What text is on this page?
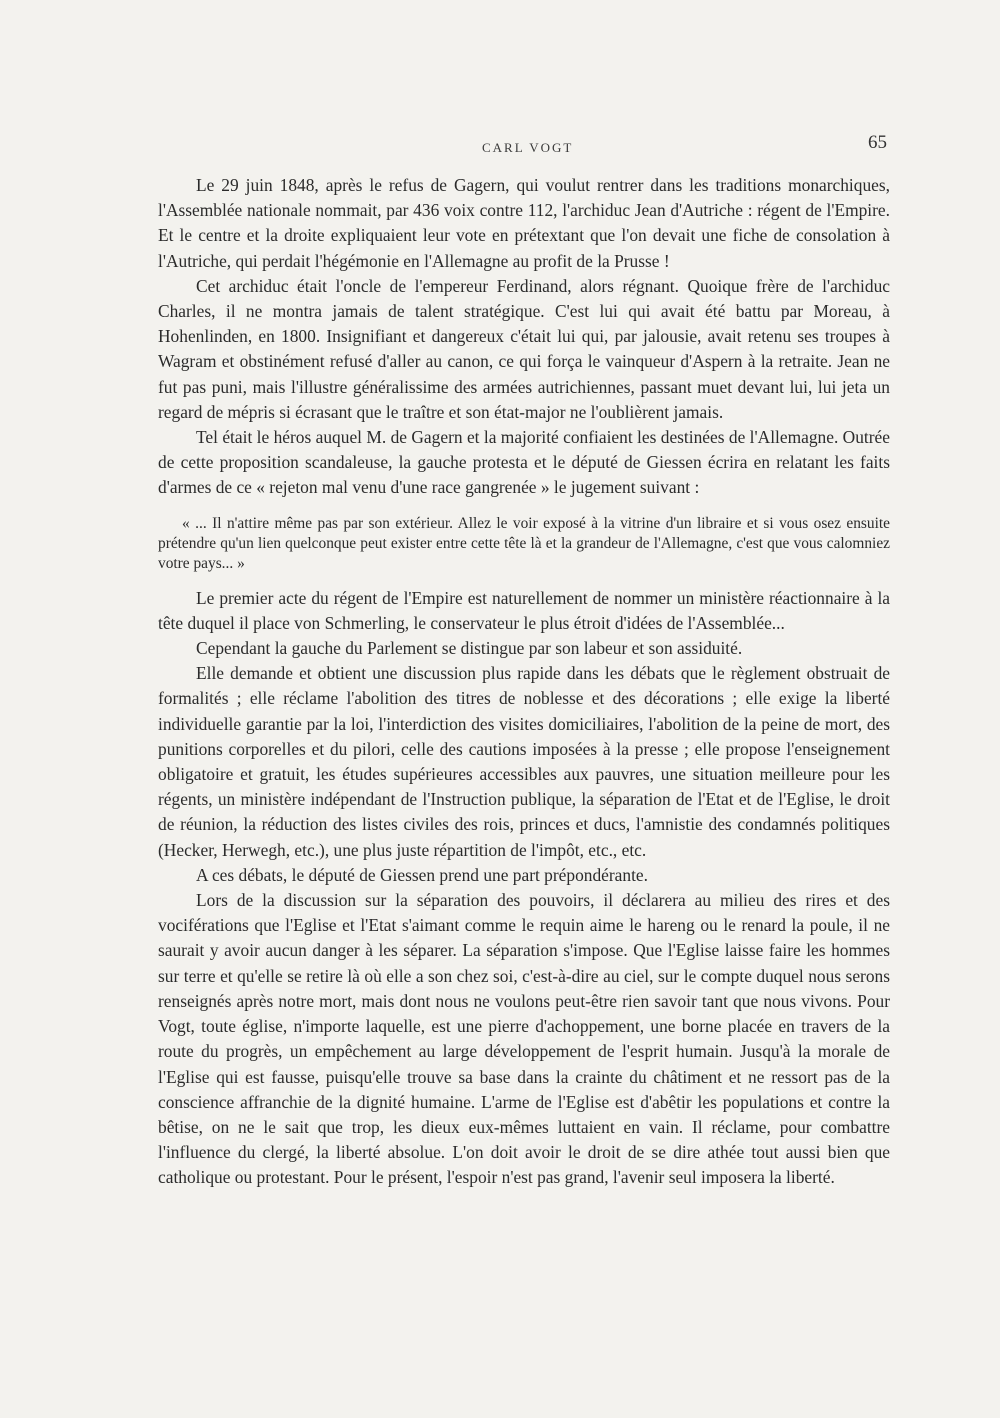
CARL VOGT	65

Le 29 juin 1848, après le refus de Gagern, qui voulut rentrer dans les traditions monarchiques, l'Assemblée nationale nommait, par 436 voix contre 112, l'archiduc Jean d'Autriche : régent de l'Empire. Et le centre et la droite expliquaient leur vote en prétextant que l'on devait une fiche de consolation à l'Autriche, qui perdait l'hégémonie en l'Allemagne au profit de la Prusse !

Cet archiduc était l'oncle de l'empereur Ferdinand, alors régnant. Quoique frère de l'archiduc Charles, il ne montra jamais de talent stratégique. C'est lui qui avait été battu par Moreau, à Hohenlinden, en 1800. Insignifiant et dangereux c'était lui qui, par jalousie, avait retenu ses troupes à Wagram et obstinément refusé d'aller au canon, ce qui força le vainqueur d'Aspern à la retraite. Jean ne fut pas puni, mais l'illustre généralissime des armées autrichiennes, passant muet devant lui, lui jeta un regard de mépris si écrasant que le traître et son état-major ne l'oublièrent jamais.

Tel était le héros auquel M. de Gagern et la majorité confiaient les destinées de l'Allemagne. Outrée de cette proposition scandaleuse, la gauche protesta et le député de Giessen écrira en relatant les faits d'armes de ce « rejeton mal venu d'une race gangrenée » le jugement suivant :

« ... Il n'attire même pas par son extérieur. Allez le voir exposé à la vitrine d'un libraire et si vous osez ensuite prétendre qu'un lien quelconque peut exister entre cette tête là et la grandeur de l'Allemagne, c'est que vous calomniez votre pays... »

Le premier acte du régent de l'Empire est naturellement de nommer un ministère réactionnaire à la tête duquel il place von Schmerling, le conservateur le plus étroit d'idées de l'Assemblée...

Cependant la gauche du Parlement se distingue par son labeur et son assiduité.

Elle demande et obtient une discussion plus rapide dans les débats que le règlement obstruait de formalités ; elle réclame l'abolition des titres de noblesse et des décorations ; elle exige la liberté individuelle garantie par la loi, l'interdiction des visites domiciliaires, l'abolition de la peine de mort, des punitions corporelles et du pilori, celle des cautions imposées à la presse ; elle propose l'enseignement obligatoire et gratuit, les études supérieures accessibles aux pauvres, une situation meilleure pour les régents, un ministère indépendant de l'Instruction publique, la séparation de l'Etat et de l'Eglise, le droit de réunion, la réduction des listes civiles des rois, princes et ducs, l'amnistie des condamnés politiques (Hecker, Herwegh, etc.), une plus juste répartition de l'impôt, etc., etc.

A ces débats, le député de Giessen prend une part prépondérante.

Lors de la discussion sur la séparation des pouvoirs, il déclarera au milieu des rires et des vociférations que l'Eglise et l'Etat s'aimant comme le requin aime le hareng ou le renard la poule, il ne saurait y avoir aucun danger à les séparer. La séparation s'impose. Que l'Eglise laisse faire les hommes sur terre et qu'elle se retire là où elle a son chez soi, c'est-à-dire au ciel, sur le compte duquel nous serons renseignés après notre mort, mais dont nous ne voulons peut-être rien savoir tant que nous vivons. Pour Vogt, toute église, n'importe laquelle, est une pierre d'achoppement, une borne placée en travers de la route du progrès, un empêchement au large développement de l'esprit humain. Jusqu'à la morale de l'Eglise qui est fausse, puisqu'elle trouve sa base dans la crainte du châtiment et ne ressort pas de la conscience affranchie de la dignité humaine. L'arme de l'Eglise est d'abêtir les populations et contre la bêtise, on ne le sait que trop, les dieux eux-mêmes luttaient en vain. Il réclame, pour combattre l'influence du clergé, la liberté absolue. L'on doit avoir le droit de se dire athée tout aussi bien que catholique ou protestant. Pour le présent, l'espoir n'est pas grand, l'avenir seul imposera la liberté.
